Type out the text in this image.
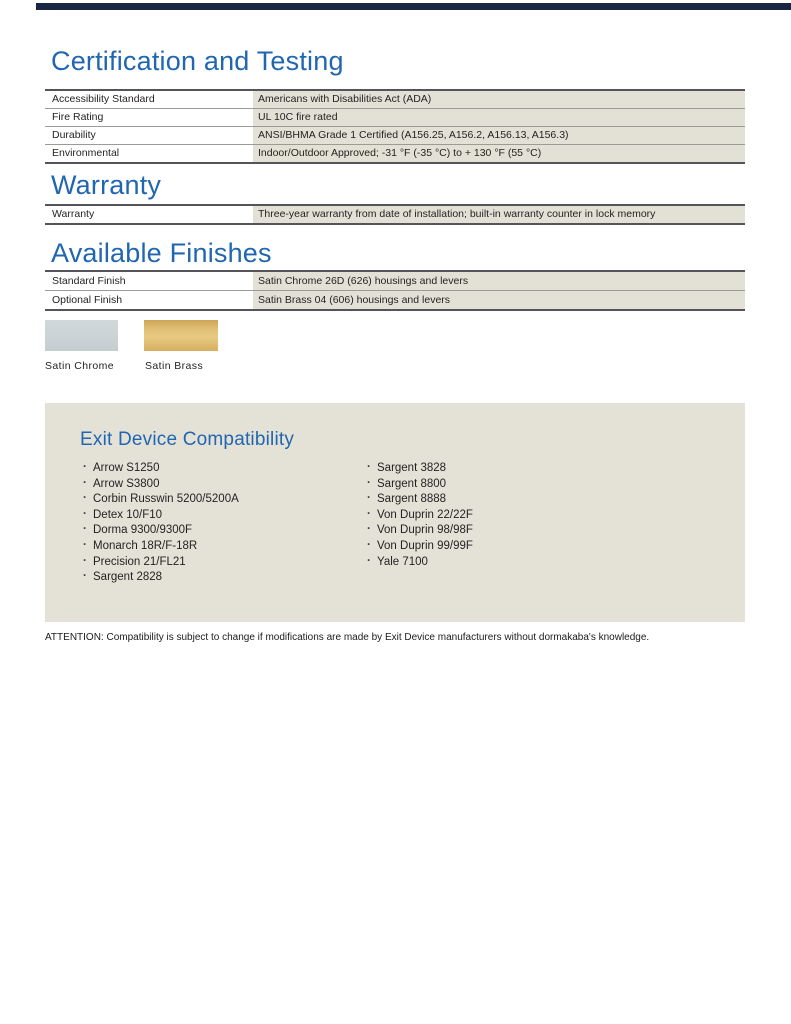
Certification and Testing
Accessibility Standard	Americans with Disabilities Act (ADA)
Fire Rating	UL 10C fire rated
Durability	ANSI/BHMA Grade 1 Certified (A156.25, A156.2, A156.13, A156.3)
Environmental	Indoor/Outdoor Approved; -31 °F (-35 °C) to + 130 °F (55 °C)
Warranty
Warranty	Three-year warranty from date of installation; built-in warranty counter in lock memory
Available Finishes
Standard Finish	Satin Chrome 26D (626) housings and levers
Optional Finish	Satin Brass 04 (606) housings and levers
Satin Chrome	Satin Brass
Exit Device Compatibility
· Arrow S1250
· Arrow S3800
· Corbin Russwin 5200/5200A
· Detex 10/F10
· Dorma 9300/9300F
· Monarch 18R/F-18R
· Precision 21/FL21
· Sargent 2828
· Sargent 3828
· Sargent 8800
· Sargent 8888
· Von Duprin 22/22F
· Von Duprin 98/98F
· Von Duprin 99/99F
· Yale 7100

ATTENTION: Compatibility is subject to change if modifications are made by Exit Device manufacturers without dormakaba's knowledge.
